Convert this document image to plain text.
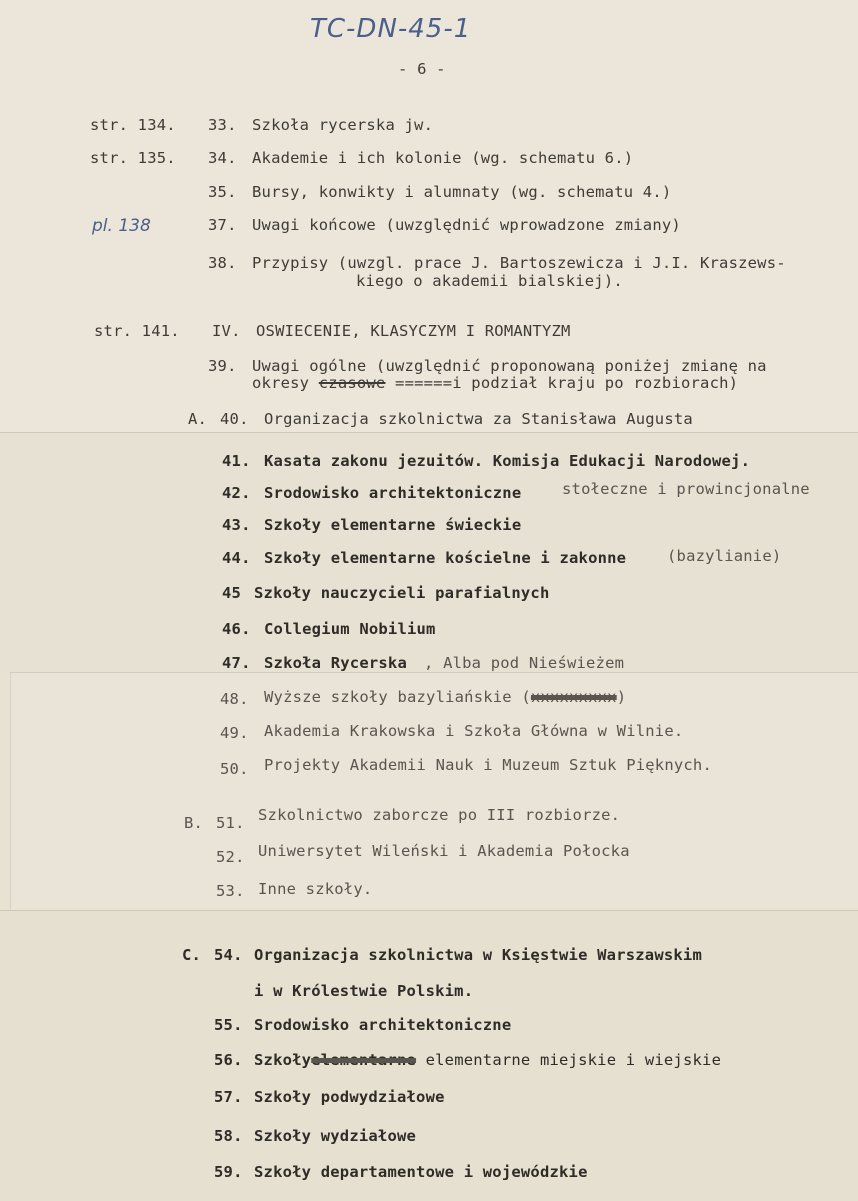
TC-DN-45-1
- 6 -
str. 134. 33. Szkoła rycerska jw.
str. 135. 34. Akademie i ich kolonie (wg. schematu 6.)
35. Bursy, konwikty i alumnaty (wg. schematu 4.)
pl. 138	37. Uwagi końcowe (uwzględnić wprowadzone zmiany)
38. Przypisy (uwzgl. prace J. Bartoszewicza i J.I. Kraszews-
kiego o akademii bialskiej).
str. 141. IV. OSWIECENIE, KLASYCZYM I ROMANTYZM
39. Uwagi ogólne (uwzględnić proponowaną poniżej zmianę na
okresy czasowe ======i podział kraju po rozbiorach)
A. 40. Organizacja szkolnictwa za Stanisława Augusta
41. Kasata zakonu jezuitów. Komisja Edukacji Narodowej.
42. Srodowisko architektoniczne	stołeczne i prowincjonalne
43. Szkoły elementarne świeckie
44. Szkoły elementarne kościelne i zakonne	(bazylianie)
45 Szkoły nauczycieli parafialnych
46. Collegium Nobilium
47. Szkoła Rycerska , Alba pod Nieświeżem
48. Wyższe szkoły bazyliańskie (xxxxxxxxx)
49. Akademia Krakowska i Szkoła Główna w Wilnie.
50. Projekty Akademii Nauk i Muzeum Sztuk Pięknych.
B. 51. Szkolnictwo zaborcze po III rozbiorze.
52. Uniwersytet Wileński i Akademia Połocka
53. Inne szkoły.
C. 54. Organizacja szkolnictwa w Księstwie Warszawskim
i w Królestwie Polskim.
55. Srodowisko architektoniczne
56. Szkołyelementarne elementarne miejskie i wiejskie
57. Szkoły podwydziałowe
58. Szkoły wydziałowe
59. Szkoły departamentowe i wojewódzkie
